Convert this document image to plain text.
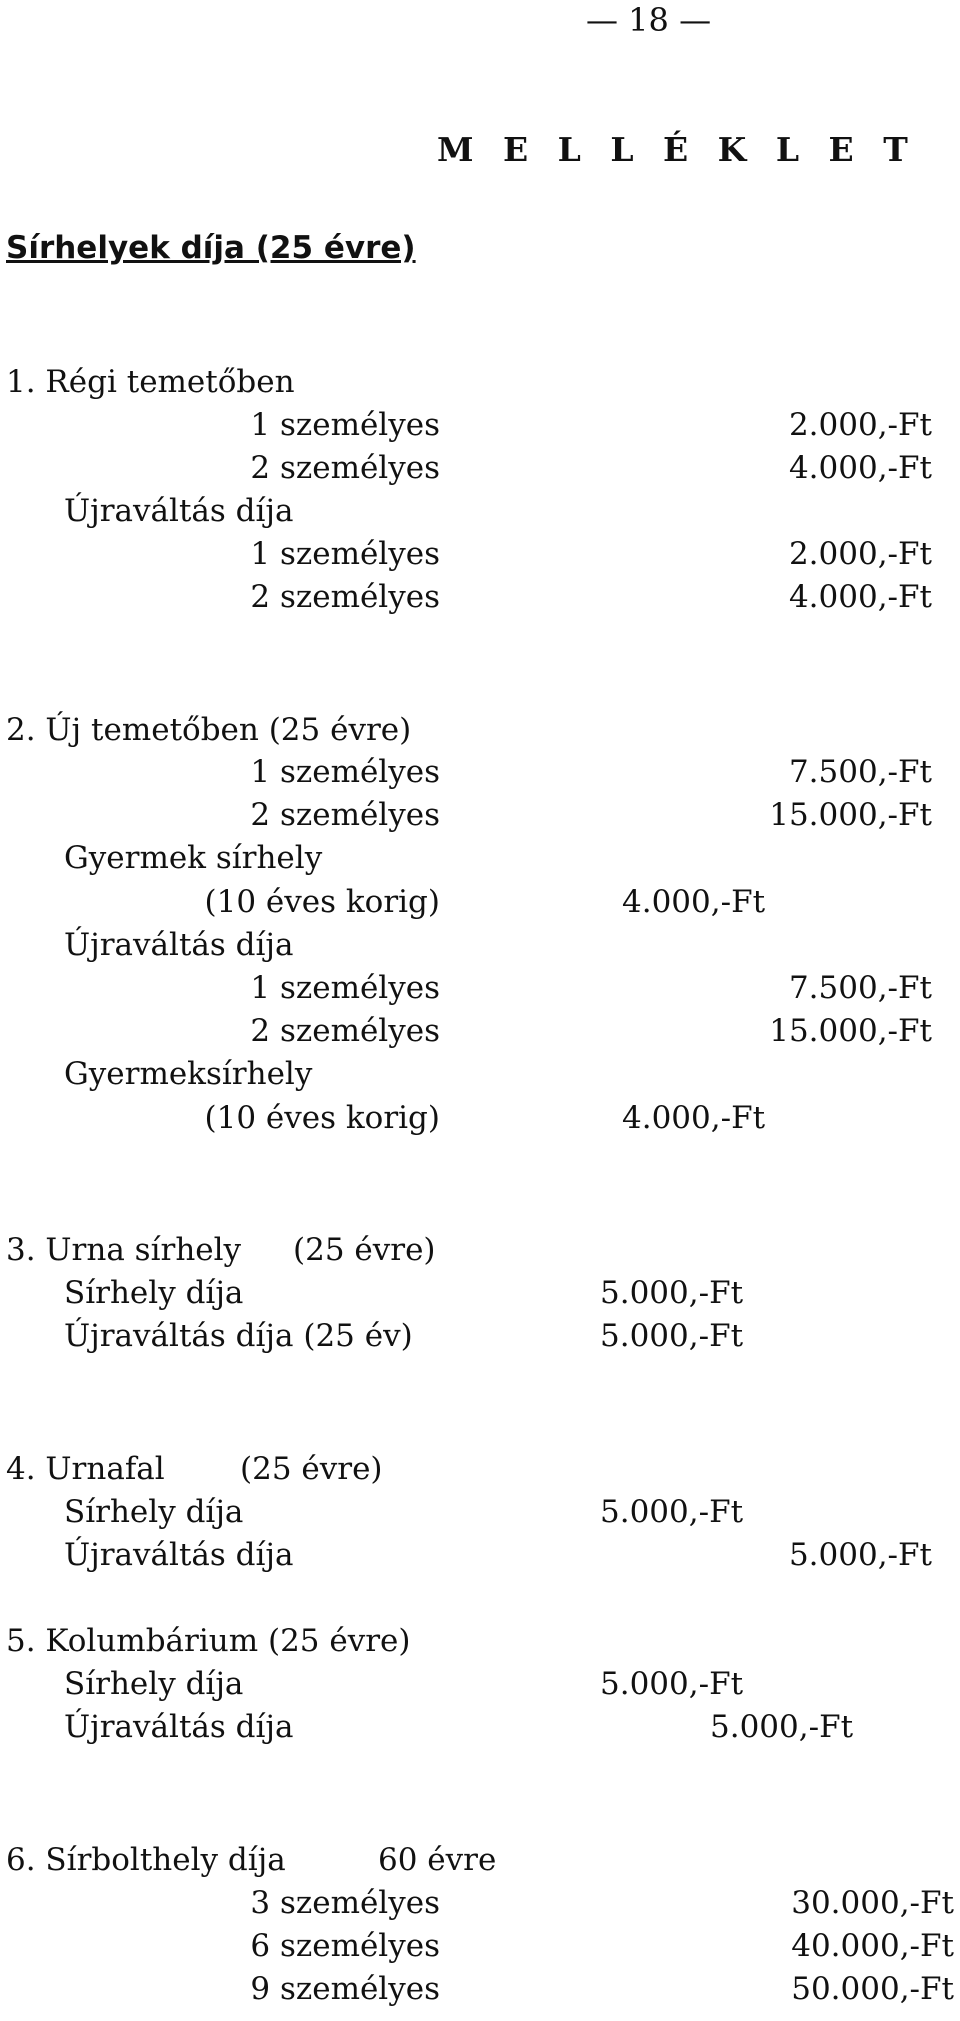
— 18 —
M E L L É K L E T
Sírhelyek díja (25 évre)
1. Régi temetőben
1 személyes	2.000,-Ft
2 személyes	4.000,-Ft
Újraváltás díja
1 személyes	2.000,-Ft
2 személyes	4.000,-Ft
2. Új temetőben (25 évre)
1 személyes	7.500,-Ft
2 személyes	15.000,-Ft
Gyermek sírhely
(10 éves korig)	4.000,-Ft
Újraváltás díja
1 személyes	7.500,-Ft
2 személyes	15.000,-Ft
Gyermeksírhely
(10 éves korig)	4.000,-Ft
3. Urna sírhely (25 évre)
Sírhely díja	5.000,-Ft
Újraváltás díja (25 év)	5.000,-Ft
4. Urnafal (25 évre)
Sírhely díja	5.000,-Ft
Újraváltás díja	5.000,-Ft
5. Kolumbárium (25 évre)
Sírhely díja	5.000,-Ft
Újraváltás díja	5.000,-Ft
6. Sírbolthely díja	60 évre
3 személyes	30.000,-Ft
6 személyes	40.000,-Ft
9 személyes	50.000,-Ft
